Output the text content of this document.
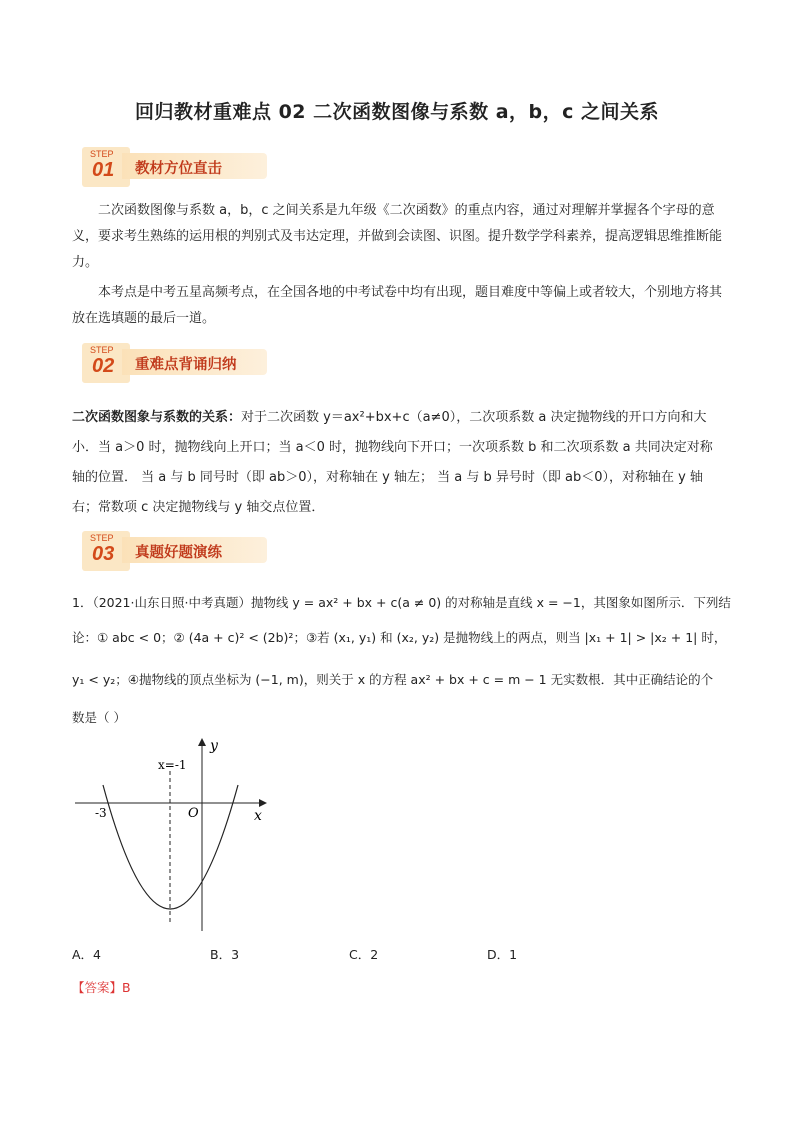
回归教材重难点 02 二次函数图像与系数 a，b，c 之间关系
STEP
01 教材方位直击

二次函数图像与系数 a，b，c 之间关系是九年级《二次函数》的重点内容，通过对理解并掌握各个字母的意义，要求考生熟练的运用根的判别式及韦达定理，并做到会读图、识图。提升数学学科素养，提高逻辑思维推断能力。

本考点是中考五星高频考点，在全国各地的中考试卷中均有出现，题目难度中等偏上或者较大，个别地方将其放在选填题的最后一道。

STEP
02 重难点背诵归纳

二次函数图象与系数的关系：对于二次函数 y＝ax²+bx+c（a≠0），二次项系数 a 决定抛物线的开口方向和大小．当 a＞0 时，抛物线向上开口；当 a＜0 时，抛物线向下开口；一次项系数 b 和二次项系数 a 共同决定对称轴的位置． 当 a 与 b 同号时（即 ab＞0），对称轴在 y 轴左； 当 a 与 b 异号时（即 ab＜0），对称轴在 y 轴右；常数项 c 决定抛物线与 y 轴交点位置．

STEP
03 真题好题演练

1．（2021·山东日照·中考真题）抛物线 y = ax² + bx + c(a ≠ 0) 的对称轴是直线 x = −1，其图象如图所示．下列结

论：① abc < 0；② (4a + c)² < (2b)²；③若 (x₁, y₁) 和 (x₂, y₂) 是抛物线上的两点，则当 |x₁ + 1| > |x₂ + 1| 时，

y₁ < y₂；④抛物线的顶点坐标为 (−1, m)，则关于 x 的方程 ax² + bx + c = m − 1 无实数根．其中正确结论的个

数是（ ）

y
x
O
-3
x=-1
A．4	B．3	C．2	D．1
【答案】B
